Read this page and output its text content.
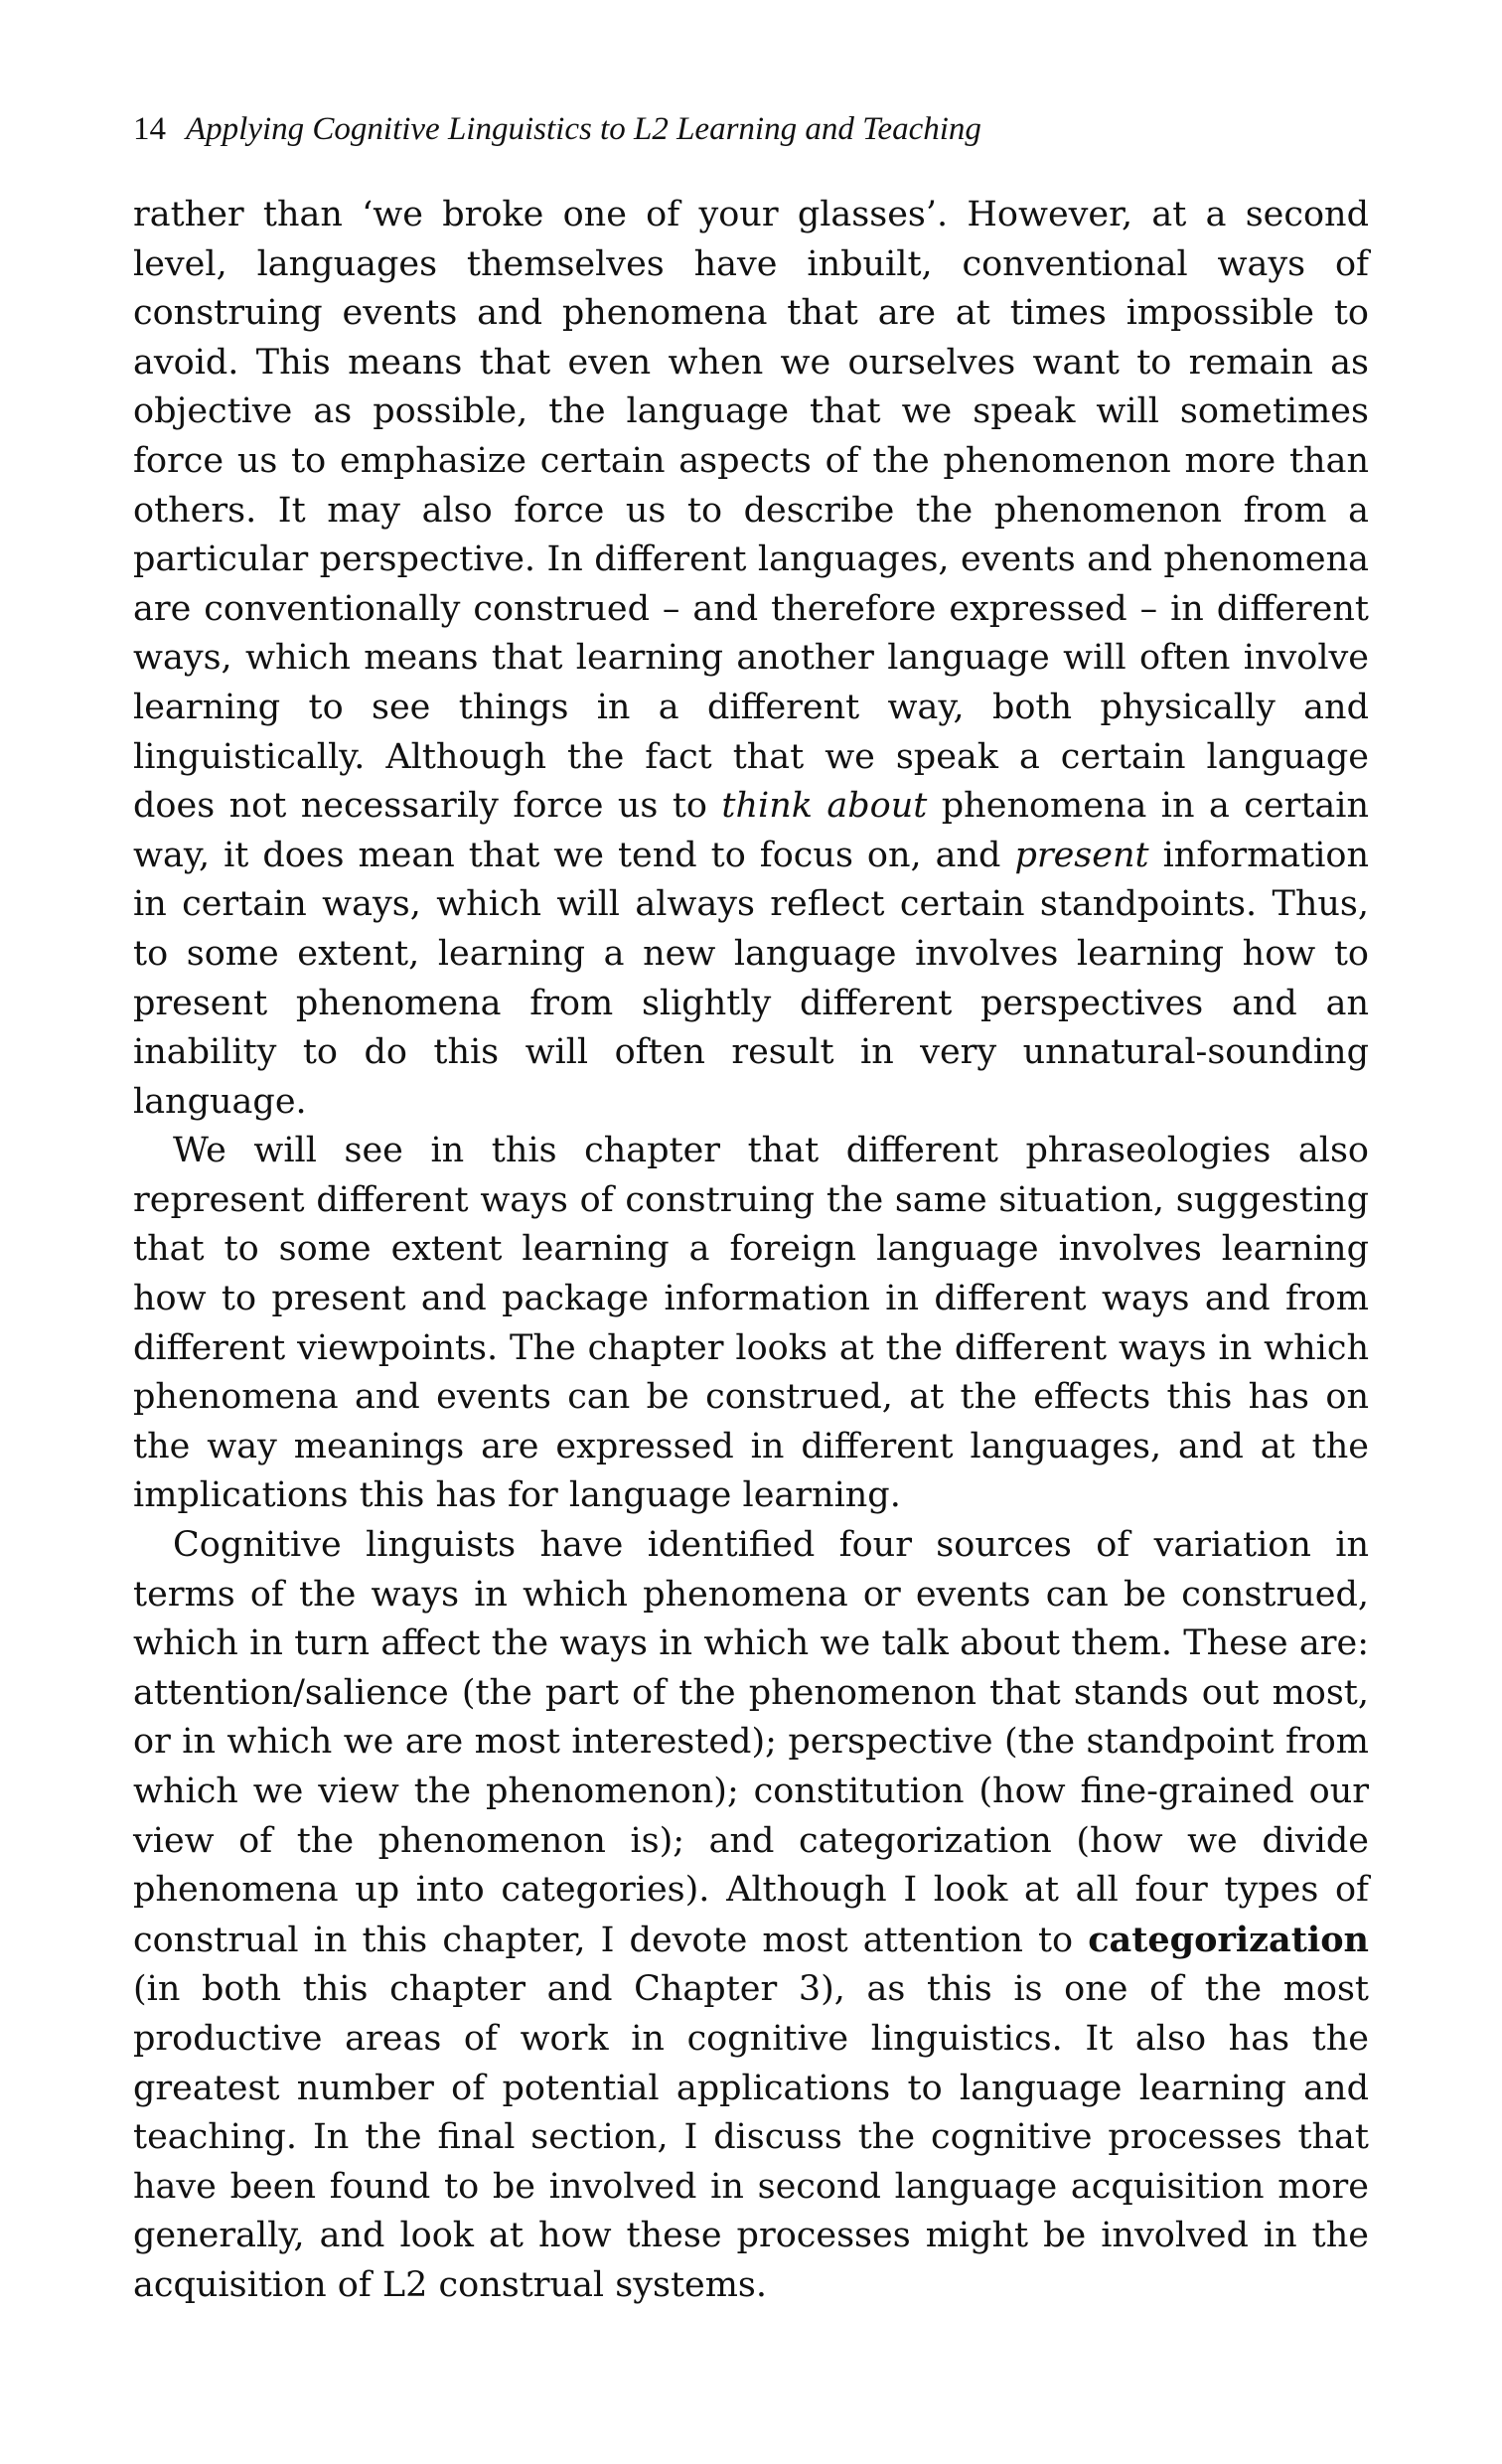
14 Applying Cognitive Linguistics to L2 Learning and Teaching

rather than ‘we broke one of your glasses’. However, at a second level, languages themselves have inbuilt, conventional ways of construing events and phenomena that are at times impossible to avoid. This means that even when we ourselves want to remain as objective as possible, the language that we speak will sometimes force us to emphasize certain aspects of the phenomenon more than others. It may also force us to describe the phenomenon from a particular perspective. In different languages, events and phenomena are conventionally construed – and therefore expressed – in different ways, which means that learning another language will often involve learning to see things in a different way, both physically and linguistically. Although the fact that we speak a certain language does not necessarily force us to think about phenomena in a certain way, it does mean that we tend to focus on, and present information in certain ways, which will always reflect certain standpoints. Thus, to some extent, learning a new language involves learning how to present phenomena from slightly different perspectives and an inability to do this will often result in very unnatural-sounding language.

We will see in this chapter that different phraseologies also represent different ways of construing the same situation, suggesting that to some extent learning a foreign language involves learning how to present and package information in different ways and from different viewpoints. The chapter looks at the different ways in which phenomena and events can be construed, at the effects this has on the way meanings are expressed in different languages, and at the implications this has for language learning.

Cognitive linguists have identified four sources of variation in terms of the ways in which phenomena or events can be construed, which in turn affect the ways in which we talk about them. These are: attention/​salience (the part of the phenomenon that stands out most, or in which we are most interested); perspective (the standpoint from which we view the phenomenon); constitution (how fine-grained our view of the phenomenon is); and categorization (how we divide phenomena up into categories). Although I look at all four types of construal in this chapter, I devote most attention to categorization (in both this chapter and Chapter 3), as this is one of the most productive areas of work in cognitive linguistics. It also has the greatest number of potential applications to language learning and teaching. In the final section, I discuss the cognitive processes that have been found to be involved in second language acquisition more generally, and look at how these processes might be involved in the acquisition of L2 construal systems.
